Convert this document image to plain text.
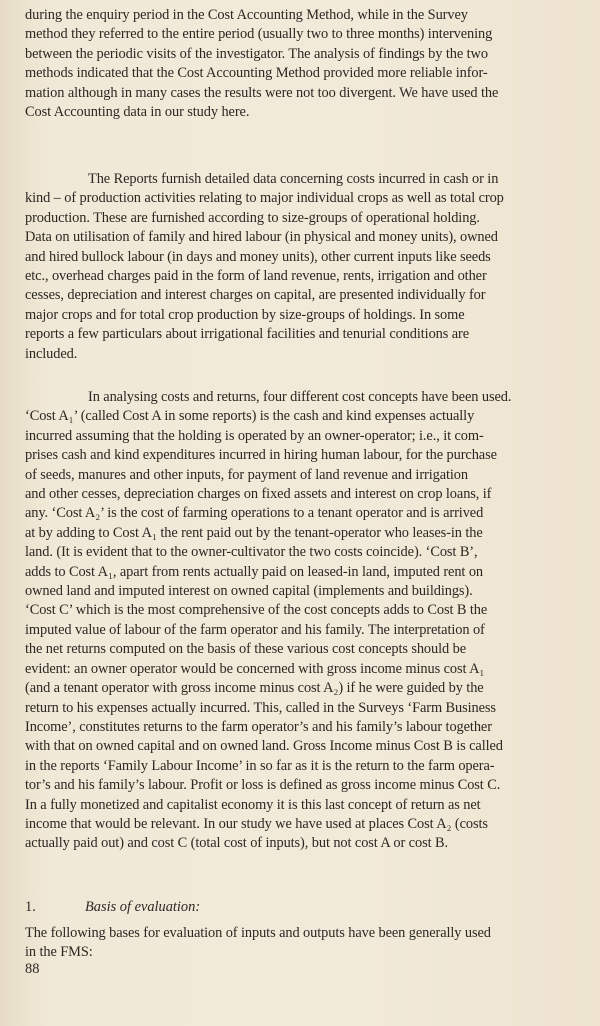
during the enquiry period in the Cost Accounting Method, while in the Survey
method they referred to the entire period (usually two to three months) intervening
between the periodic visits of the investigator. The analysis of findings by the two
methods indicated that the Cost Accounting Method provided more reliable infor-
mation although in many cases the results were not too divergent. We have used the
Cost Accounting data in our study here.
The Reports furnish detailed data concerning costs incurred in cash or in
kind – of production activities relating to major individual crops as well as total crop
production. These are furnished according to size-groups of operational holding.
Data on utilisation of family and hired labour (in physical and money units), owned
and hired bullock labour (in days and money units), other current inputs like seeds
etc., overhead charges paid in the form of land revenue, rents, irrigation and other
cesses, depreciation and interest charges on capital, are presented individually for
major crops and for total crop production by size-groups of holdings. In some
reports a few particulars about irrigational facilities and tenurial conditions are
included.
In analysing costs and returns, four different cost concepts have been used.
‘Cost A₁’ (called Cost A in some reports) is the cash and kind expenses actually
incurred assuming that the holding is operated by an owner-operator; i.e., it com-
prises cash and kind expenditures incurred in hiring human labour, for the purchase
of seeds, manures and other inputs, for payment of land revenue and irrigation
and other cesses, depreciation charges on fixed assets and interest on crop loans, if
any. ‘Cost A₂’ is the cost of farming operations to a tenant operator and is arrived
at by adding to Cost A₁ the rent paid out by the tenant-operator who leases-in the
land. (It is evident that to the owner-cultivator the two costs coincide). ‘Cost B’,
adds to Cost A₁, apart from rents actually paid on leased-in land, imputed rent on
owned land and imputed interest on owned capital (implements and buildings).
‘Cost C’ which is the most comprehensive of the cost concepts adds to Cost B the
imputed value of labour of the farm operator and his family. The interpretation of
the net returns computed on the basis of these various cost concepts should be
evident: an owner operator would be concerned with gross income minus cost A₁
(and a tenant operator with gross income minus cost A₂) if he were guided by the
return to his expenses actually incurred. This, called in the Surveys ‘Farm Business
Income’, constitutes returns to the farm operator’s and his family’s labour together
with that on owned capital and on owned land. Gross Income minus Cost B is called
in the reports ‘Family Labour Income’ in so far as it is the return to the farm opera-
tor’s and his family’s labour. Profit or loss is defined as gross income minus Cost C.
In a fully monetized and capitalist economy it is this last concept of return as net
income that would be relevant. In our study we have used at places Cost A₂ (costs
actually paid out) and cost C (total cost of inputs), but not cost A or cost B.
1.	Basis of evaluation:
The following bases for evaluation of inputs and outputs have been generally used
in the FMS:
88
